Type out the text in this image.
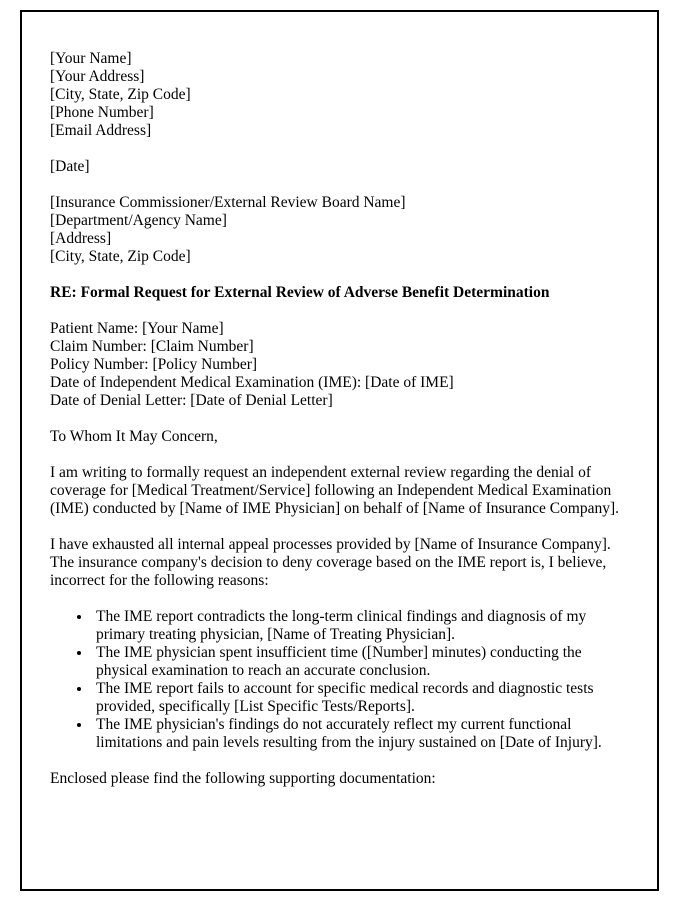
[Your Name]
[Your Address]
[City, State, Zip Code]
[Phone Number]
[Email Address]
[Date]
[Insurance Commissioner/External Review Board Name]
[Department/Agency Name]
[Address]
[City, State, Zip Code]
RE: Formal Request for External Review of Adverse Benefit Determination
Patient Name: [Your Name]
Claim Number: [Claim Number]
Policy Number: [Policy Number]
Date of Independent Medical Examination (IME): [Date of IME]
Date of Denial Letter: [Date of Denial Letter]
To Whom It May Concern,

I am writing to formally request an independent external review regarding the denial of coverage for [Medical Treatment/Service] following an Independent Medical Examination (IME) conducted by [Name of IME Physician] on behalf of [Name of Insurance Company].

I have exhausted all internal appeal processes provided by [Name of Insurance Company]. The insurance company's decision to deny coverage based on the IME report is, I believe, incorrect for the following reasons:

• The IME report contradicts the long-term clinical findings and diagnosis of my primary treating physician, [Name of Treating Physician].
• The IME physician spent insufficient time ([Number] minutes) conducting the physical examination to reach an accurate conclusion.
• The IME report fails to account for specific medical records and diagnostic tests provided, specifically [List Specific Tests/Reports].
• The IME physician's findings do not accurately reflect my current functional limitations and pain levels resulting from the injury sustained on [Date of Injury].

Enclosed please find the following supporting documentation:
